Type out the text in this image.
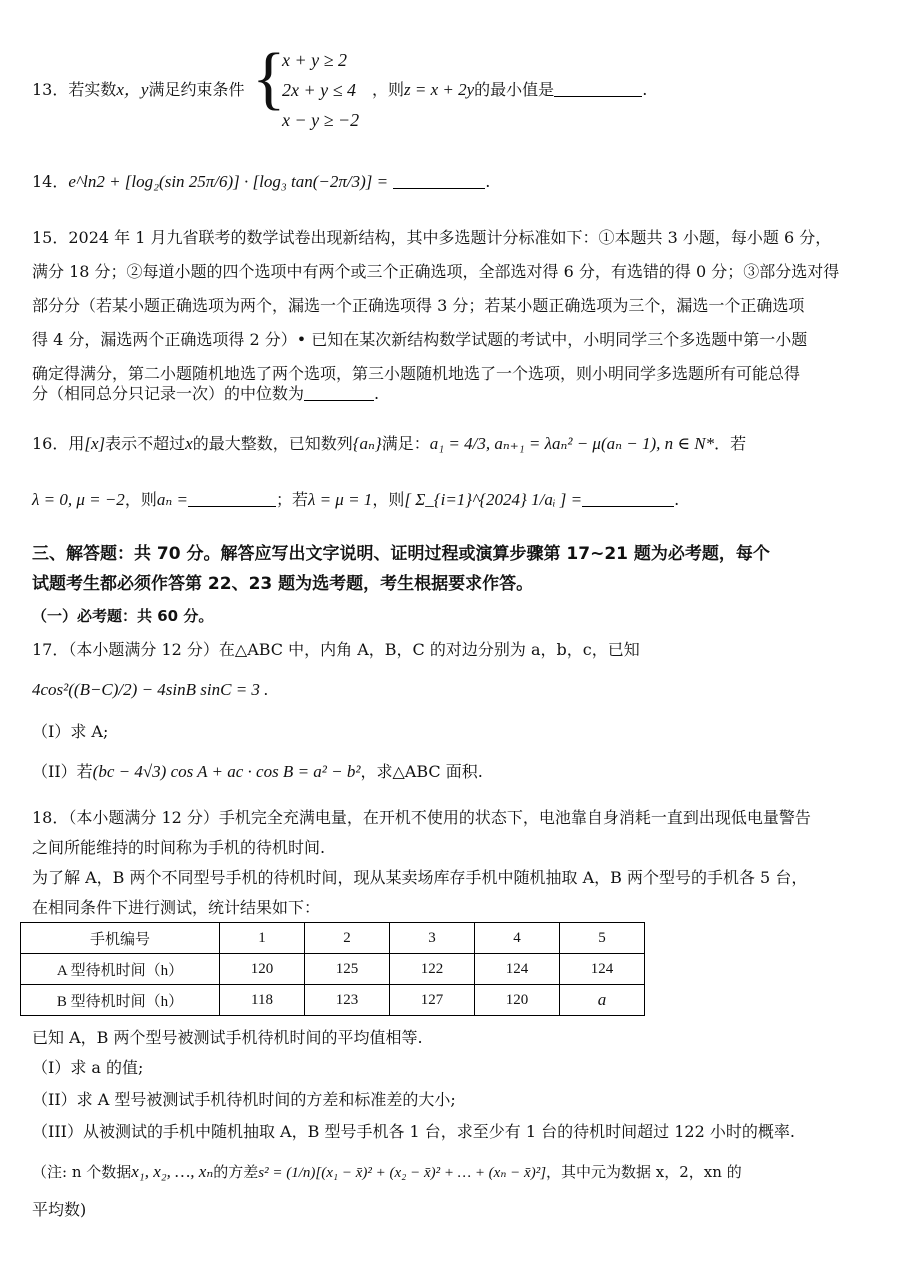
13．若实数x，y满足约束条件 {
x + y ≥ 2
2x + y ≤ 4
x − y ≥ −2
，则z = x + 2y的最小值是	.
14．e^ln2 + [log₂(sin 25π/6)] · [log₃ tan(−2π/3)] =	.
15．2024 年 1 月九省联考的数学试卷出现新结构，其中多选题计分标准如下：①本题共 3 小题，每小题 6 分，
满分 18 分；②每道小题的四个选项中有两个或三个正确选项，全部选对得 6 分，有选错的得 0 分；③部分选对得
部分分（若某小题正确选项为两个，漏选一个正确选项得 3 分；若某小题正确选项为三个，漏选一个正确选项
得 4 分，漏选两个正确选项得 2 分）• 已知在某次新结构数学试题的考试中，小明同学三个多选题中第一小题
确定得满分，第二小题随机地选了两个选项，第三小题随机地选了一个选项，则小明同学多选题所有可能总得
分（相同总分只记录一次）的中位数为	.
16．用[x]表示不超过x的最大整数，已知数列{aₙ}满足：a₁ = 4/3, aₙ₊₁ = λaₙ² − μ(aₙ − 1), n ∈ N*．若
λ = 0, μ = −2，则aₙ =	；若λ = μ = 1，则[ Σ_{i=1}^{2024} 1/aᵢ ] =	.
三、解答题：共 70 分。解答应写出文字说明、证明过程或演算步骤第 17~21 题为必考题，每个
试题考生都必须作答第 22、23 题为选考题，考生根据要求作答。
（一）必考题：共 60 分。
17．（本小题满分 12 分）在△ABC 中，内角 A，B，C 的对边分别为 a，b，c，已知
4cos²((B−C)/2) − 4sinB sinC = 3 .
（I）求 A;
（II）若(bc − 4√3) cos A + ac · cos B = a² − b²，求△ABC 面积.
18．（本小题满分 12 分）手机完全充满电量，在开机不使用的状态下，电池靠自身消耗一直到出现低电量警告
之间所能维持的时间称为手机的待机时间.
为了解 A，B 两个不同型号手机的待机时间，现从某卖场库存手机中随机抽取 A，B 两个型号的手机各 5 台，
在相同条件下进行测试，统计结果如下：
手机编号	1	2	3	4	5
A 型待机时间（h）	120	125	122	124	124
B 型待机时间（h）	118	123	127	120	a
已知 A，B 两个型号被测试手机待机时间的平均值相等.
（I）求 a 的值;
（II）求 A 型号被测试手机待机时间的方差和标准差的大小;
（III）从被测试的手机中随机抽取 A，B 型号手机各 1 台，求至少有 1 台的待机时间超过 122 小时的概率.
（注: n 个数据x₁, x₂, …, xₙ的方差s² = (1/n)[(x₁ − x̄)² + (x₂ − x̄)² + … + (xₙ − x̄)²]，其中元为数据 x，2，xn 的
平均数)
